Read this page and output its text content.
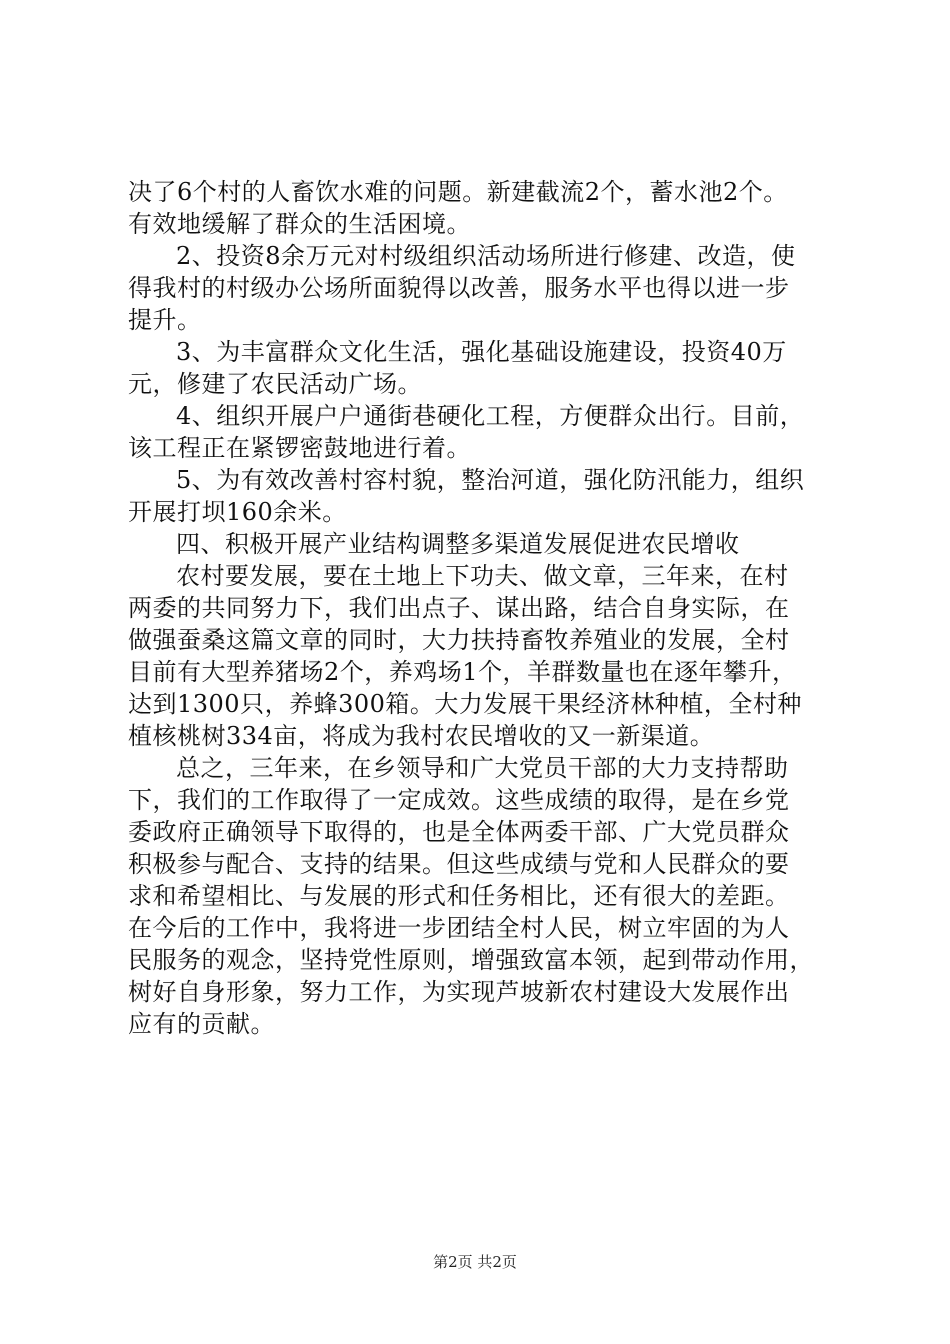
决了6个村的人畜饮水难的问题。新建截流2个，蓄水池2个。
有效地缓解了群众的生活困境。
2、投资8余万元对村级组织活动场所进行修建、改造，使
得我村的村级办公场所面貌得以改善，服务水平也得以进一步
提升。
3、为丰富群众文化生活，强化基础设施建设，投资40万
元，修建了农民活动广场。
4、组织开展户户通街巷硬化工程，方便群众出行。目前，
该工程正在紧锣密鼓地进行着。
5、为有效改善村容村貌，整治河道，强化防汛能力，组织
开展打坝160余米。
四、积极开展产业结构调整多渠道发展促进农民增收
农村要发展，要在土地上下功夫、做文章，三年来，在村
两委的共同努力下，我们出点子、谋出路，结合自身实际，在
做强蚕桑这篇文章的同时，大力扶持畜牧养殖业的发展，全村
目前有大型养猪场2个，养鸡场1个，羊群数量也在逐年攀升，
达到1300只，养蜂300箱。大力发展干果经济林种植，全村种
植核桃树334亩，将成为我村农民增收的又一新渠道。
总之，三年来，在乡领导和广大党员干部的大力支持帮助
下，我们的工作取得了一定成效。这些成绩的取得，是在乡党
委政府正确领导下取得的，也是全体两委干部、广大党员群众
积极参与配合、支持的结果。但这些成绩与党和人民群众的要
求和希望相比、与发展的形式和任务相比，还有很大的差距。
在今后的工作中，我将进一步团结全村人民，树立牢固的为人
民服务的观念，坚持党性原则，增强致富本领，起到带动作用，
树好自身形象，努力工作，为实现芦坡新农村建设大发展作出
应有的贡献。
第2页 共2页
